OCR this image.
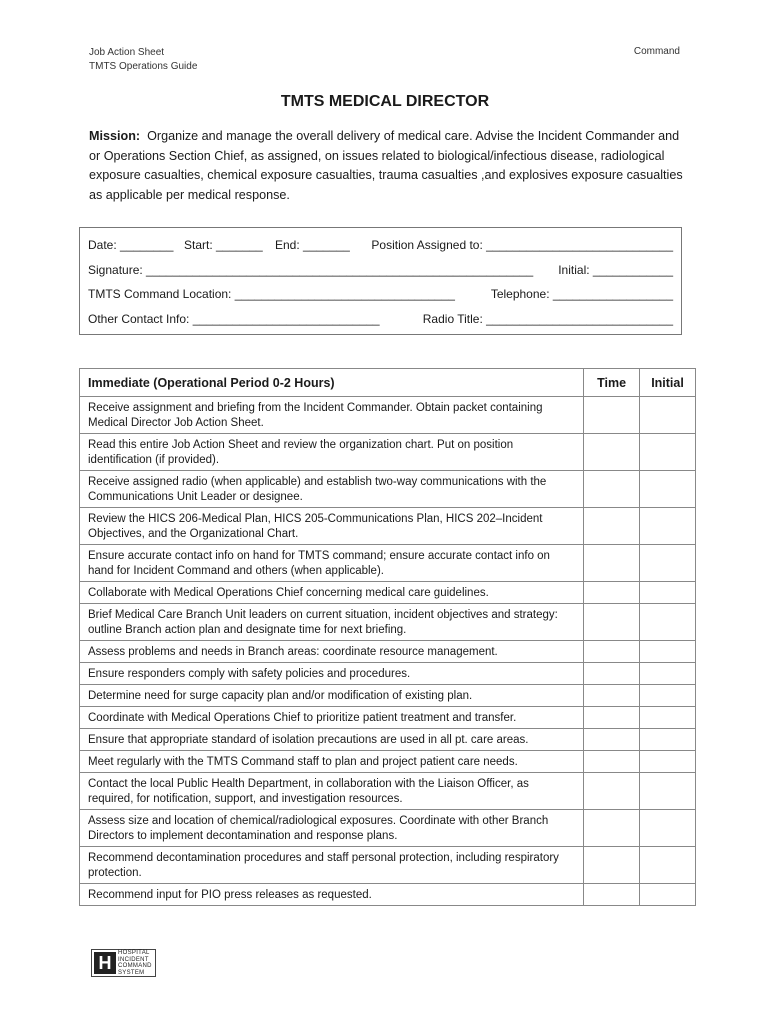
Job Action Sheet
TMTS Operations Guide
Command
TMTS MEDICAL DIRECTOR
Mission: Organize and manage the overall delivery of medical care. Advise the Incident Commander and or Operations Section Chief, as assigned, on issues related to biological/infectious disease, radiological exposure casualties, chemical exposure casualties, trauma casualties ,and explosives exposure casualties as applicable per medical response.
Date: ________ Start: _______ End: _______ Position Assigned to: ____________________________
Signature: __________________________________________________________ Initial: ____________
TMTS Command Location: _________________________________	Telephone: __________________
Other Contact Info: ____________________________	Radio Title: ____________________________
Immediate (Operational Period 0-2 Hours)	Time	Initial
Receive assignment and briefing from the Incident Commander. Obtain packet containing Medical Director Job Action Sheet.		
Read this entire Job Action Sheet and review the organization chart. Put on position identification (if provided).		
Receive assigned radio (when applicable) and establish two-way communications with the Communications Unit Leader or designee.		
Review the HICS 206-Medical Plan, HICS 205-Communications Plan, HICS 202–Incident Objectives, and the Organizational Chart.		
Ensure accurate contact info on hand for TMTS command; ensure accurate contact info on hand for Incident Command and others (when applicable).		
Collaborate with Medical Operations Chief concerning medical care guidelines.		
Brief Medical Care Branch Unit leaders on current situation, incident objectives and strategy: outline Branch action plan and designate time for next briefing.		
Assess problems and needs in Branch areas: coordinate resource management.		
Ensure responders comply with safety policies and procedures.		
Determine need for surge capacity plan and/or modification of existing plan.		
Coordinate with Medical Operations Chief to prioritize patient treatment and transfer.		
Ensure that appropriate standard of isolation precautions are used in all pt. care areas.		
Meet regularly with the TMTS Command staff to plan and project patient care needs.		
Contact the local Public Health Department, in collaboration with the Liaison Officer, as required, for notification, support, and investigation resources.		
Assess size and location of chemical/radiological exposures. Coordinate with other Branch Directors to implement decontamination and response plans.		
Recommend decontamination procedures and staff personal protection, including respiratory protection.		
Recommend input for PIO press releases as requested.		
H	HOSPITAL
INCIDENT
COMMAND
SYSTEM
